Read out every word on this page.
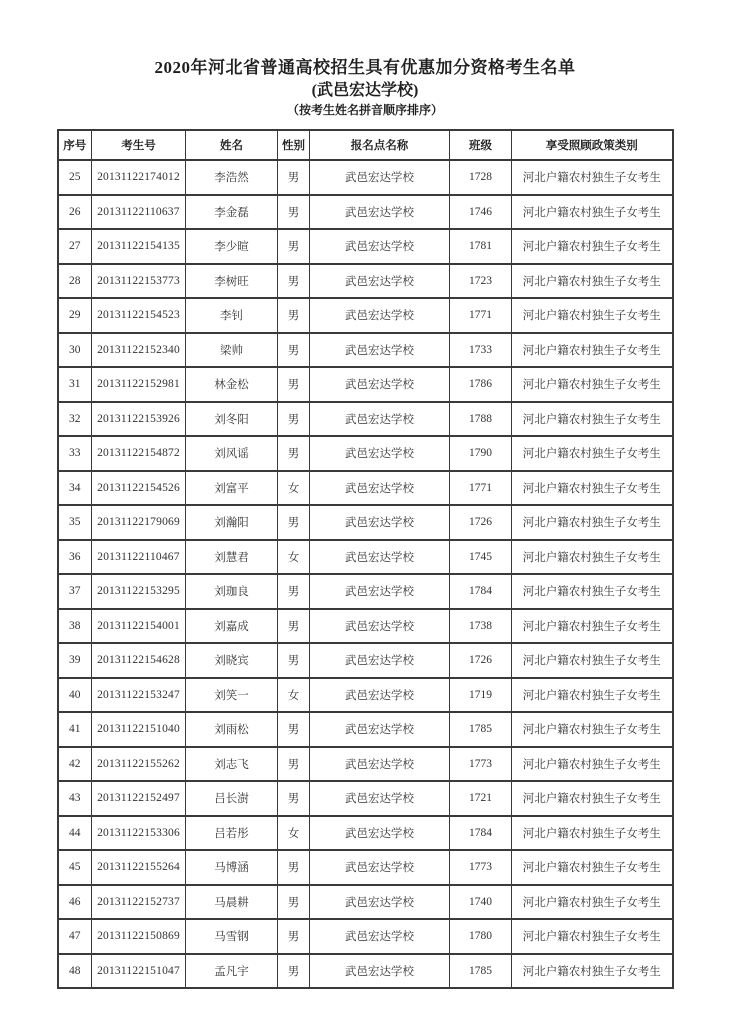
2020年河北省普通高校招生具有优惠加分资格考生名单
(武邑宏达学校)
（按考生姓名拼音顺序排序）
序号	考生号	姓名	性别	报名点名称	班级	享受照顾政策类别
25	20131122174012	李浩然	男	武邑宏达学校	1728	河北户籍农村独生子女考生
26	20131122110637	李金磊	男	武邑宏达学校	1746	河北户籍农村独生子女考生
27	20131122154135	李少暄	男	武邑宏达学校	1781	河北户籍农村独生子女考生
28	20131122153773	李树旺	男	武邑宏达学校	1723	河北户籍农村独生子女考生
29	20131122154523	李钊	男	武邑宏达学校	1771	河北户籍农村独生子女考生
30	20131122152340	梁帅	男	武邑宏达学校	1733	河北户籍农村独生子女考生
31	20131122152981	林金松	男	武邑宏达学校	1786	河北户籍农村独生子女考生
32	20131122153926	刘冬阳	男	武邑宏达学校	1788	河北户籍农村独生子女考生
33	20131122154872	刘风谣	男	武邑宏达学校	1790	河北户籍农村独生子女考生
34	20131122154526	刘富平	女	武邑宏达学校	1771	河北户籍农村独生子女考生
35	20131122179069	刘瀚阳	男	武邑宏达学校	1726	河北户籍农村独生子女考生
36	20131122110467	刘慧君	女	武邑宏达学校	1745	河北户籍农村独生子女考生
37	20131122153295	刘珈良	男	武邑宏达学校	1784	河北户籍农村独生子女考生
38	20131122154001	刘嘉成	男	武邑宏达学校	1738	河北户籍农村独生子女考生
39	20131122154628	刘晓宾	男	武邑宏达学校	1726	河北户籍农村独生子女考生
40	20131122153247	刘笑一	女	武邑宏达学校	1719	河北户籍农村独生子女考生
41	20131122151040	刘雨松	男	武邑宏达学校	1785	河北户籍农村独生子女考生
42	20131122155262	刘志飞	男	武邑宏达学校	1773	河北户籍农村独生子女考生
43	20131122152497	吕长澍	男	武邑宏达学校	1721	河北户籍农村独生子女考生
44	20131122153306	吕若彤	女	武邑宏达学校	1784	河北户籍农村独生子女考生
45	20131122155264	马博涵	男	武邑宏达学校	1773	河北户籍农村独生子女考生
46	20131122152737	马晨耕	男	武邑宏达学校	1740	河北户籍农村独生子女考生
47	20131122150869	马雪钢	男	武邑宏达学校	1780	河北户籍农村独生子女考生
48	20131122151047	孟凡宇	男	武邑宏达学校	1785	河北户籍农村独生子女考生
